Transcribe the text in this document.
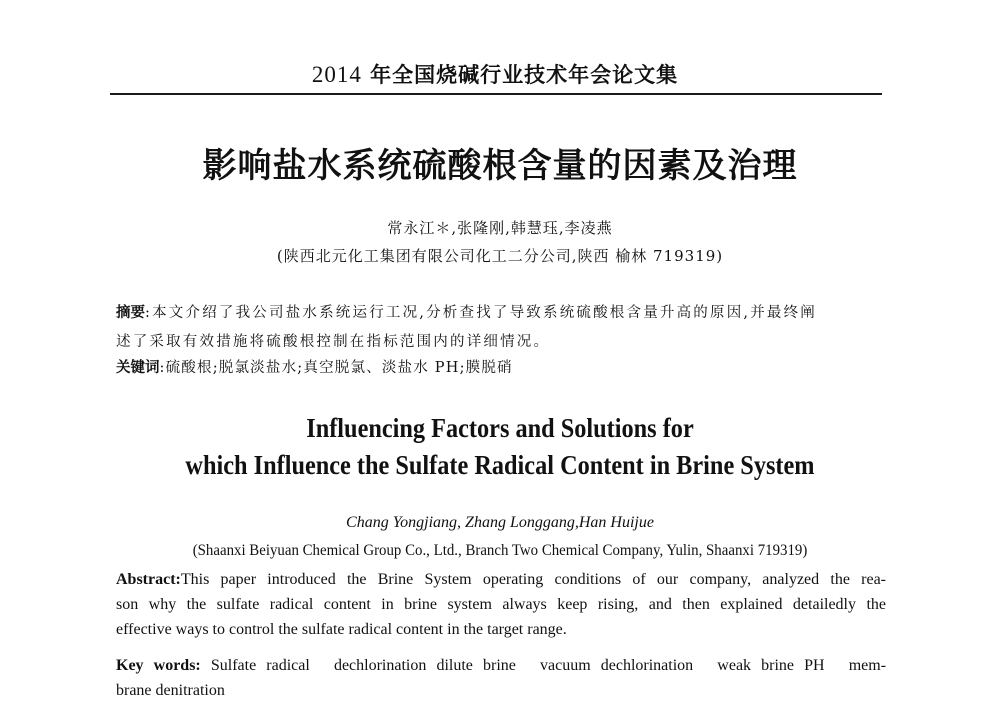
2014 年全国烧碱行业技术年会论文集
影响盐水系统硫酸根含量的因素及治理
常永江＊,张隆刚,韩慧珏,李凌燕
(陕西北元化工集团有限公司化工二分公司,陕西 榆林 719319)
摘要:本文介绍了我公司盐水系统运行工况,分析查找了导致系统硫酸根含量升高的原因,并最终阐
述了采取有效措施将硫酸根控制在指标范围内的详细情况。
关键词:硫酸根;脱氯淡盐水;真空脱氯、淡盐水 PH;膜脱硝
Influencing Factors and Solutions for
which Influence the Sulfate Radical Content in Brine System
Chang Yongjiang, Zhang Longgang,Han Huijue
(Shaanxi Beiyuan Chemical Group Co., Ltd., Branch Two Chemical Company, Yulin, Shaanxi 719319)
Abstract:This paper introduced the Brine System operating conditions of our company, analyzed the rea-
son why the sulfate radical content in brine system always keep rising, and then explained detailedly the
effective ways to control the sulfate radical content in the target range.
Key words: Sulfate radical dechlorination dilute brine vacuum dechlorination weak brine PH mem-
brane denitration
